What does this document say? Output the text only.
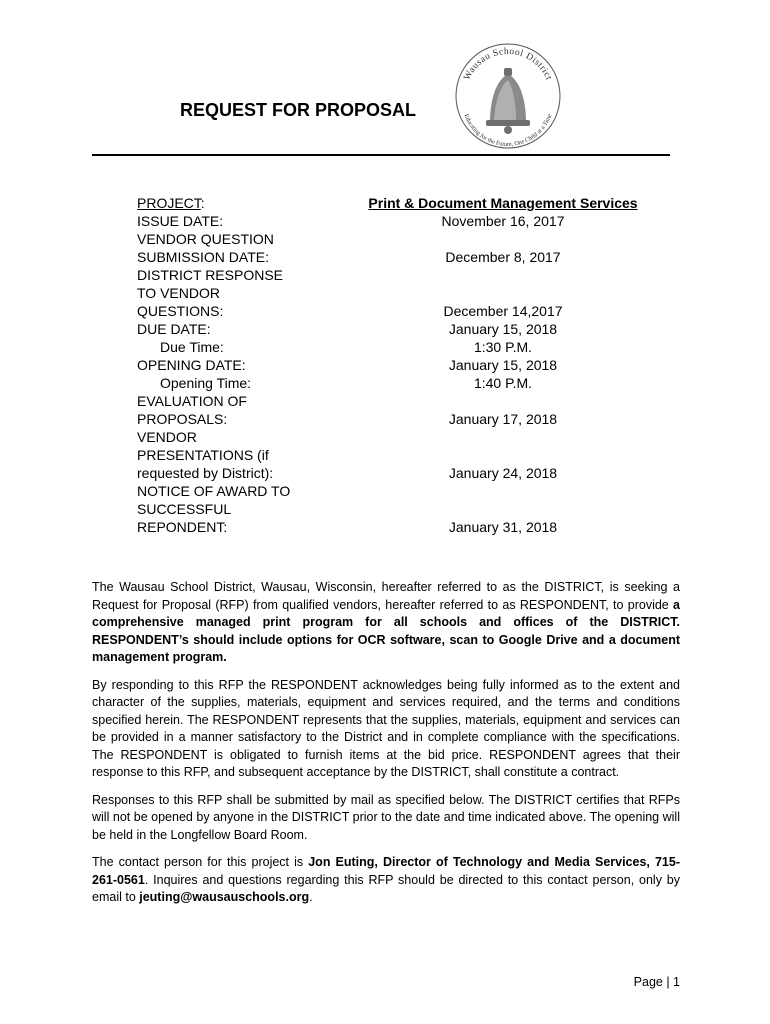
REQUEST FOR PROPOSAL
Wausau School District
Educating for the Future, One Child at a Time
PROJECT:	Print & Document Management Services
ISSUE DATE:	November 16, 2017
VENDOR QUESTION
SUBMISSION DATE:	December 8, 2017
DISTRICT RESPONSE
TO VENDOR
QUESTIONS:	December 14,2017
DUE DATE:	January 15, 2018
Due Time:	1:30 P.M.
OPENING DATE:	January 15, 2018
Opening Time:	1:40 P.M.
EVALUATION OF
PROPOSALS:	January 17, 2018
VENDOR
PRESENTATIONS (if
requested by District):	January 24, 2018
NOTICE OF AWARD TO
SUCCESSFUL
REPONDENT:	January 31, 2018

The Wausau School District, Wausau, Wisconsin, hereafter referred to as the DISTRICT, is seeking a Request for Proposal (RFP) from qualified vendors, hereafter referred to as RESPONDENT, to provide a comprehensive managed print program for all schools and offices of the DISTRICT. RESPONDENT’s should include options for OCR software, scan to Google Drive and a document management program.

By responding to this RFP the RESPONDENT acknowledges being fully informed as to the extent and character of the supplies, materials, equipment and services required, and the terms and conditions specified herein. The RESPONDENT represents that the supplies, materials, equipment and services can be provided in a manner satisfactory to the District and in complete compliance with the specifications. The RESPONDENT is obligated to furnish items at the bid price. RESPONDENT agrees that their response to this RFP, and subsequent acceptance by the DISTRICT, shall constitute a contract.

Responses to this RFP shall be submitted by mail as specified below. The DISTRICT certifies that RFPs will not be opened by anyone in the DISTRICT prior to the date and time indicated above. The opening will be held in the Longfellow Board Room.

The contact person for this project is Jon Euting, Director of Technology and Media Services, 715-261-0561. Inquires and questions regarding this RFP should be directed to this contact person, only by email to jeuting@wausauschools.org.

Page | 1
